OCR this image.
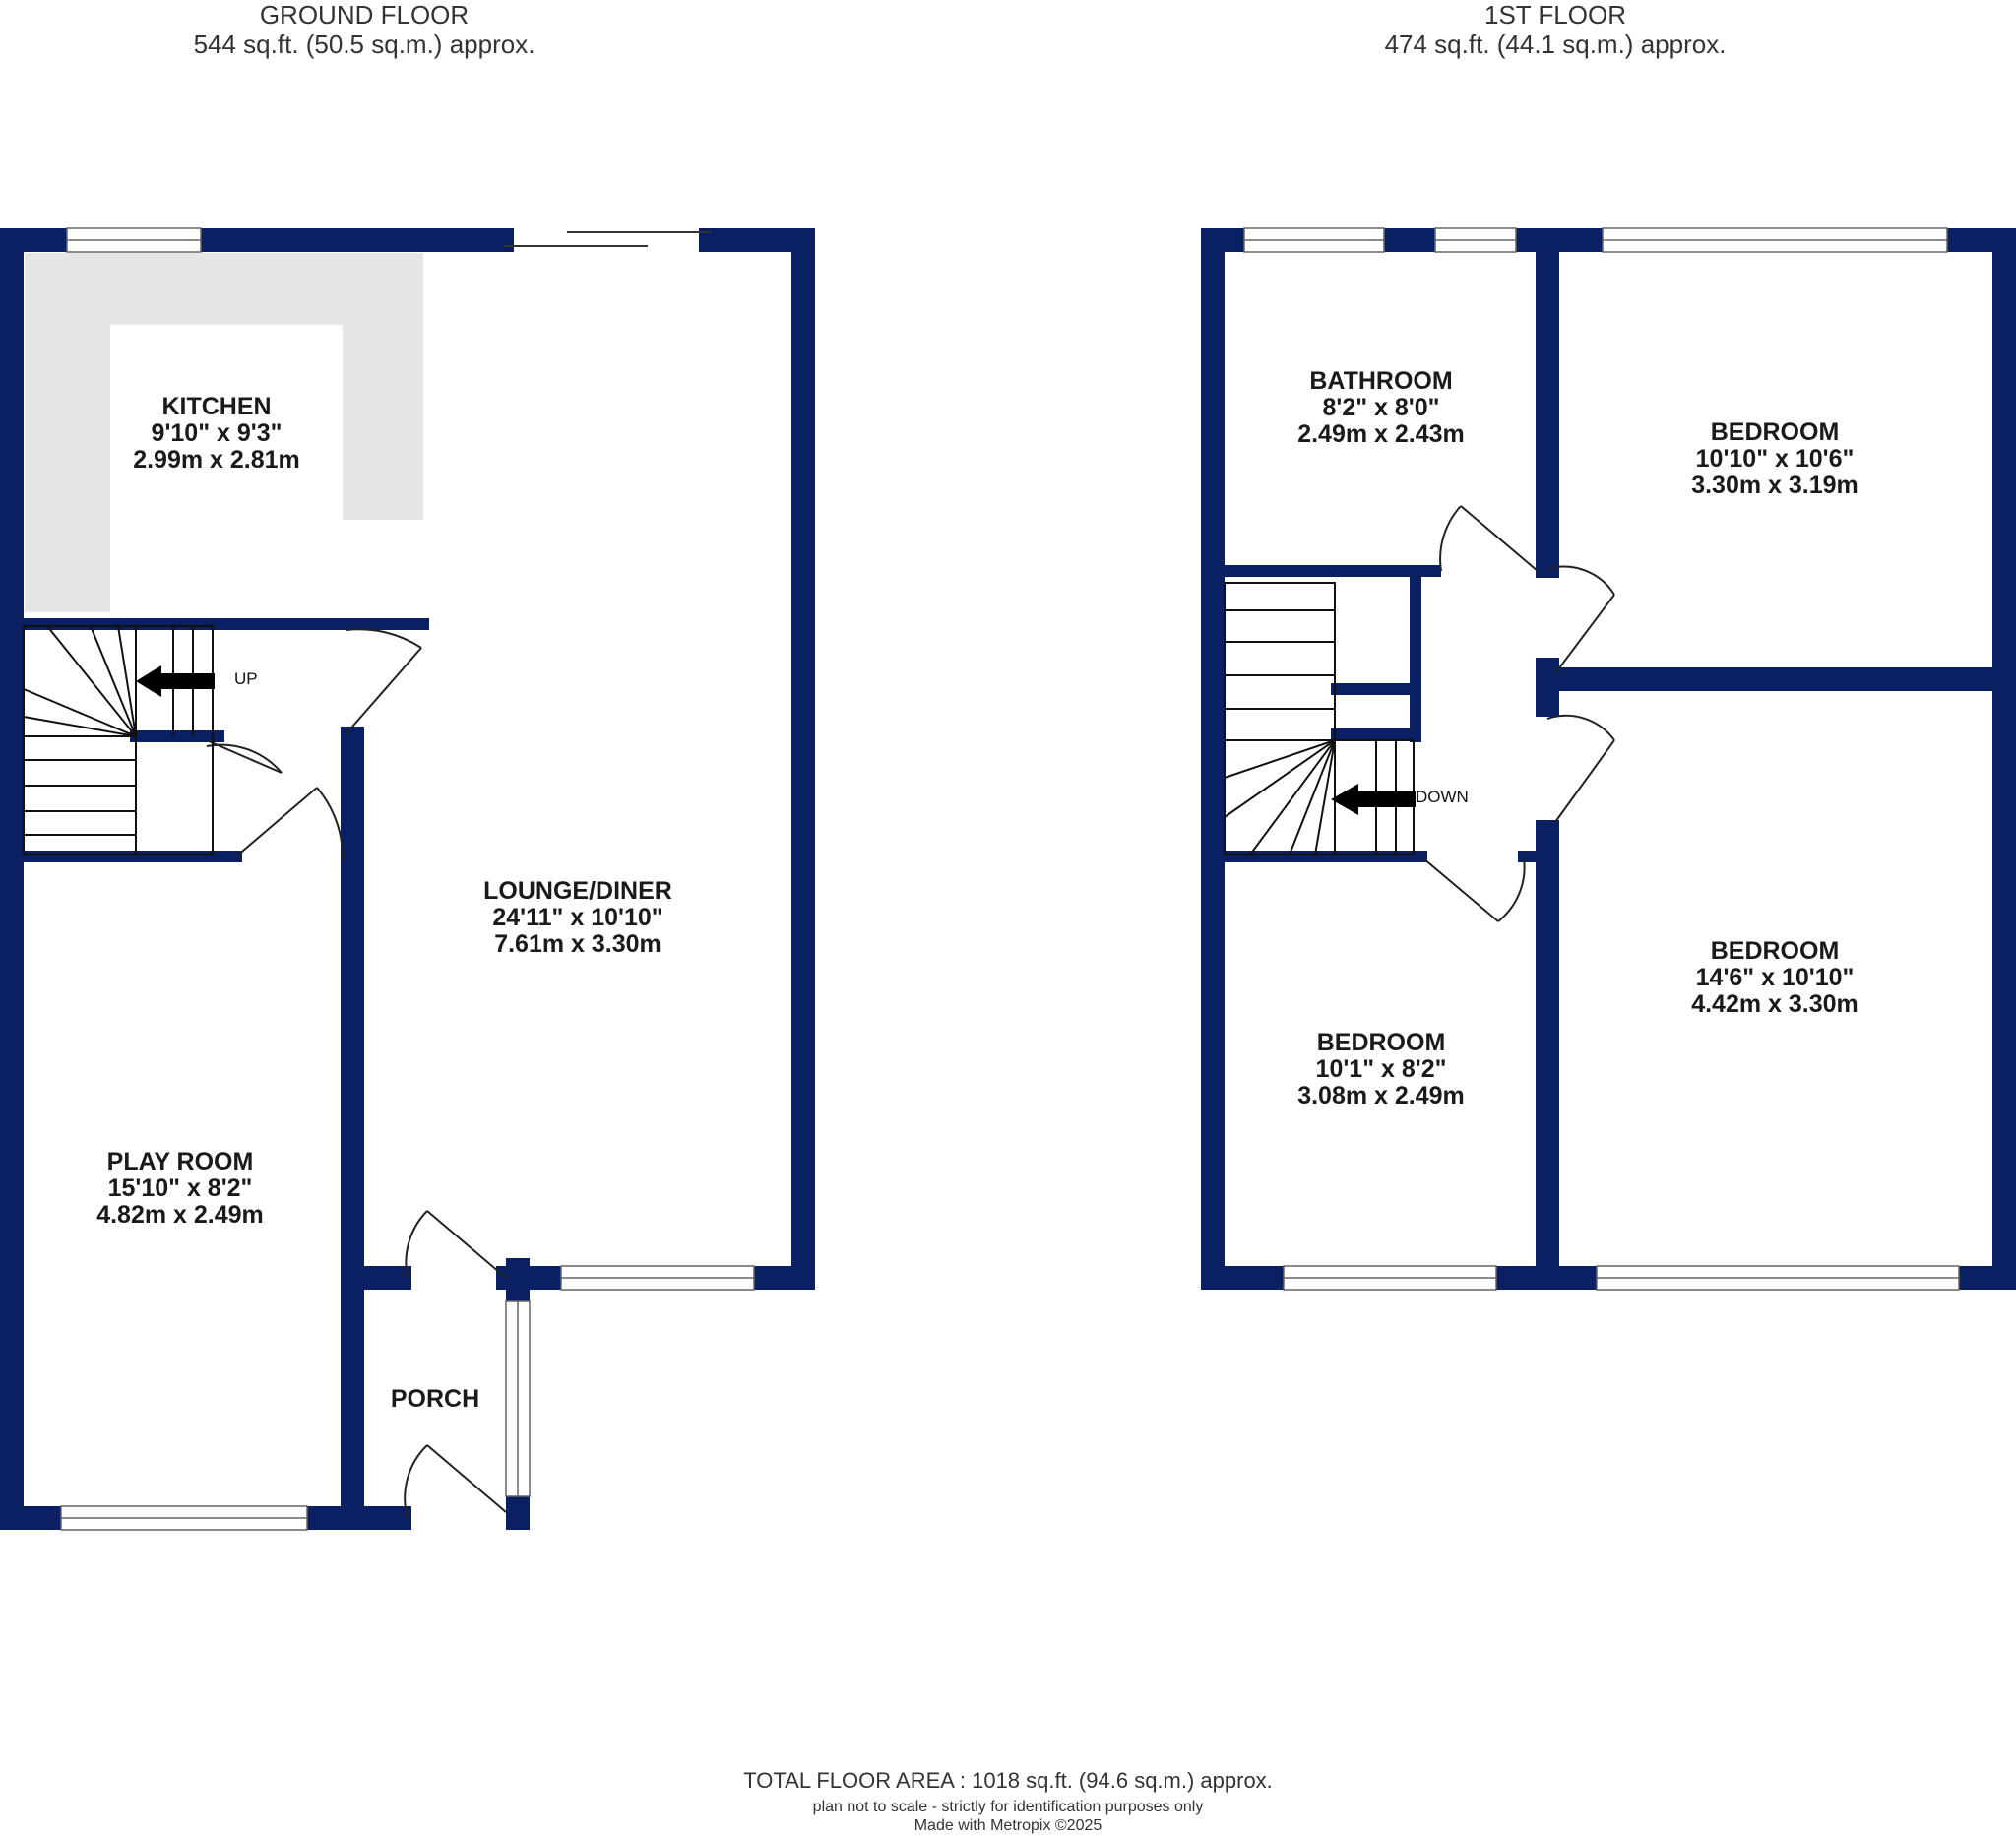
GROUND FLOOR
544 sq.ft. (50.5 sq.m.) approx.
1ST FLOOR
474 sq.ft. (44.1 sq.m.) approx.
KITCHEN
9'10" x 9'3"
2.99m x 2.81m
LOUNGE/DINER
24'11" x 10'10"
7.61m x 3.30m
PLAY ROOM
15'10" x 8'2"
4.82m x 2.49m
PORCH
BATHROOM
8'2" x 8'0"
2.49m x 2.43m	BEDROOM
10'10" x 10'6"
3.30m x 3.19m
BEDROOM
14'6" x 10'10"
4.42m x 3.30m
BEDROOM
10'1" x 8'2"
3.08m x 2.49m
UP
DOWN
TOTAL FLOOR AREA : 1018 sq.ft. (94.6 sq.m.) approx.
plan not to scale - strictly for identification purposes only
Made with Metropix ©2025
